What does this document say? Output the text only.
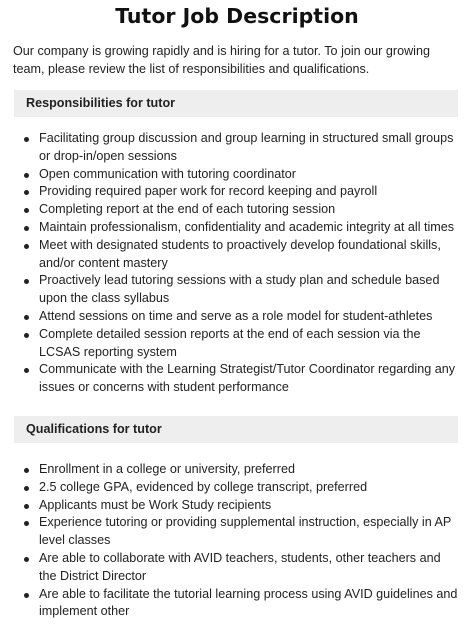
Tutor Job Description

Our company is growing rapidly and is hiring for a tutor. To join our growing team, please review the list of responsibilities and qualifications.

Responsibilities for tutor
Facilitating group discussion and group learning in structured small groups or drop-in/open sessions
Open communication with tutoring coordinator
Providing required paper work for record keeping and payroll
Completing report at the end of each tutoring session
Maintain professionalism, confidentiality and academic integrity at all times
Meet with designated students to proactively develop foundational skills, and/or content mastery
Proactively lead tutoring sessions with a study plan and schedule based upon the class syllabus
Attend sessions on time and serve as a role model for student-athletes
Complete detailed session reports at the end of each session via the LCSAS reporting system
Communicate with the Learning Strategist/Tutor Coordinator regarding any issues or concerns with student performance
Qualifications for tutor
Enrollment in a college or university, preferred
2.5 college GPA, evidenced by college transcript, preferred
Applicants must be Work Study recipients
Experience tutoring or providing supplemental instruction, especially in AP level classes
Are able to collaborate with AVID teachers, students, other teachers and the District Director
Are able to facilitate the tutorial learning process using AVID guidelines and implement other
